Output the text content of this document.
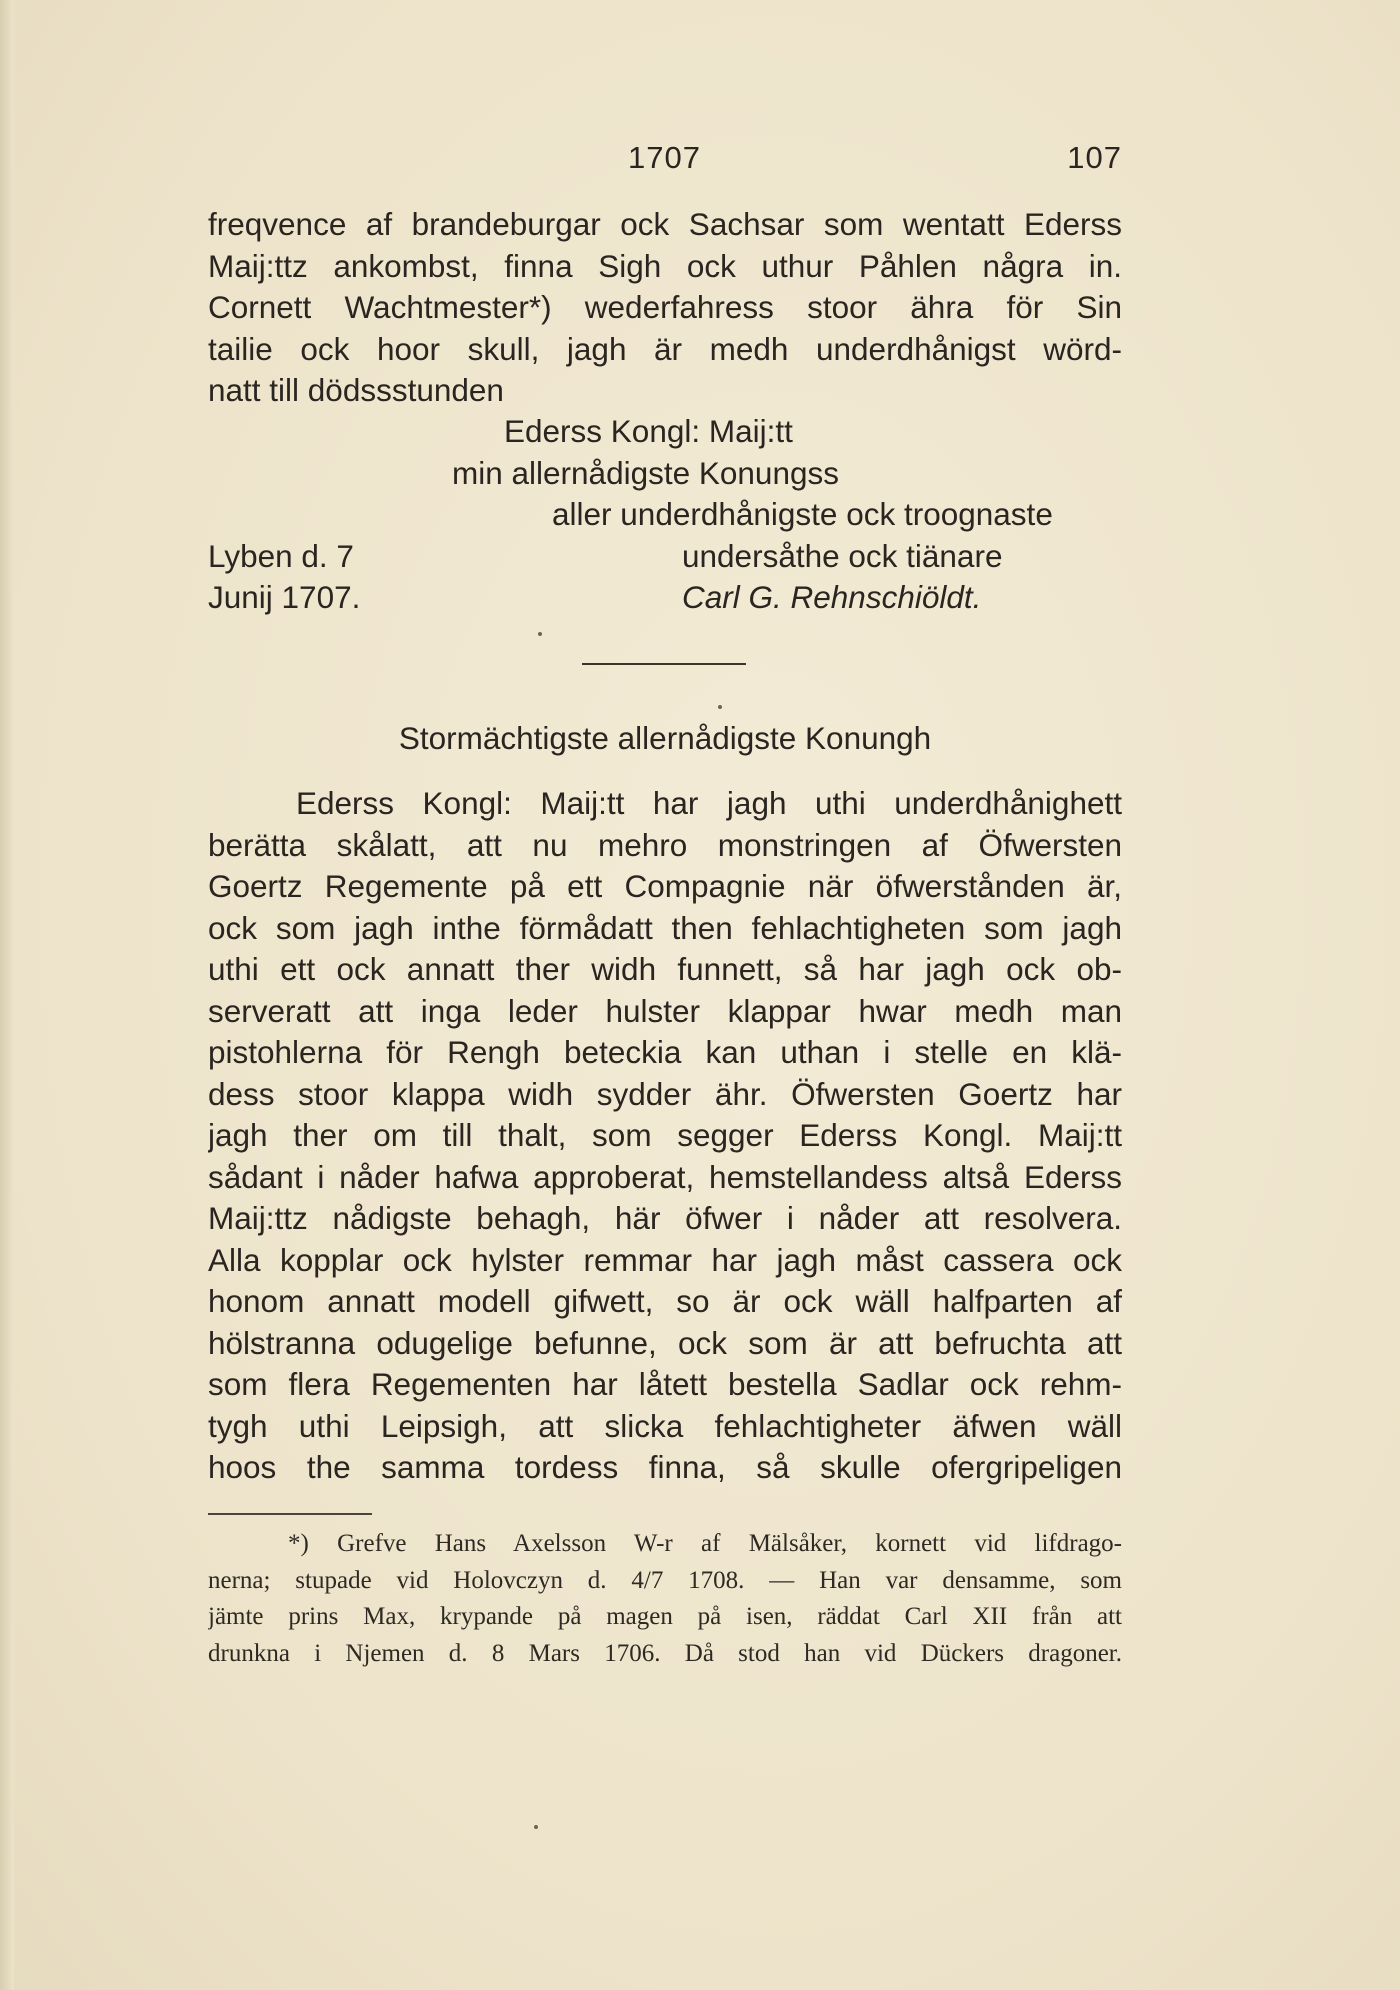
1707	107
freqvence af brandeburgar ock Sachsar som wentatt Ederss
Maij:ttz ankombst, finna Sigh ock uthur Påhlen några in.
Cornett Wachtmester*) wederfahress stoor ähra för Sin
tailie ock hoor skull, jagh är medh underdhånigst wörd-
natt till dödssstunden
Ederss Kongl: Maij:tt
min allernådigste Konungss
aller underdhånigste ock troognaste
Lyben d. 7	undersåthe ock tiänare
Junij 1707.	Carl G. Rehnschiöldt.
Stormächtigste allernådigste Konungh
Ederss Kongl: Maij:tt har jagh uthi underdhånighett
berätta skålatt, att nu mehro monstringen af Öfwersten
Goertz Regemente på ett Compagnie när öfwerstånden är,
ock som jagh inthe förmådatt then fehlachtigheten som jagh
uthi ett ock annatt ther widh funnett, så har jagh ock ob-
serveratt att inga leder hulster klappar hwar medh man
pistohlerna för Rengh beteckia kan uthan i stelle en klä-
dess stoor klappa widh sydder ähr. Öfwersten Goertz har
jagh ther om till thalt, som segger Ederss Kongl. Maij:tt
sådant i nåder hafwa approberat, hemstellandess altså Ederss
Maij:ttz nådigste behagh, här öfwer i nåder att resolvera.
Alla kopplar ock hylster remmar har jagh måst cassera ock
honom annatt modell gifwett, so är ock wäll halfparten af
hölstranna odugelige befunne, ock som är att befruchta att
som flera Regementen har låtett bestella Sadlar ock rehm-
tygh uthi Leipsigh, att slicka fehlachtigheter äfwen wäll
hoos the samma tordess finna, så skulle ofergripeligen
*) Grefve Hans Axelsson W-r af Mälsåker, kornett vid lifdrago-
nerna; stupade vid Holovczyn d. 4/7 1708. — Han var densamme, som
jämte prins Max, krypande på magen på isen, räddat Carl XII från att
drunkna i Njemen d. 8 Mars 1706. Då stod han vid Dückers dragoner.
